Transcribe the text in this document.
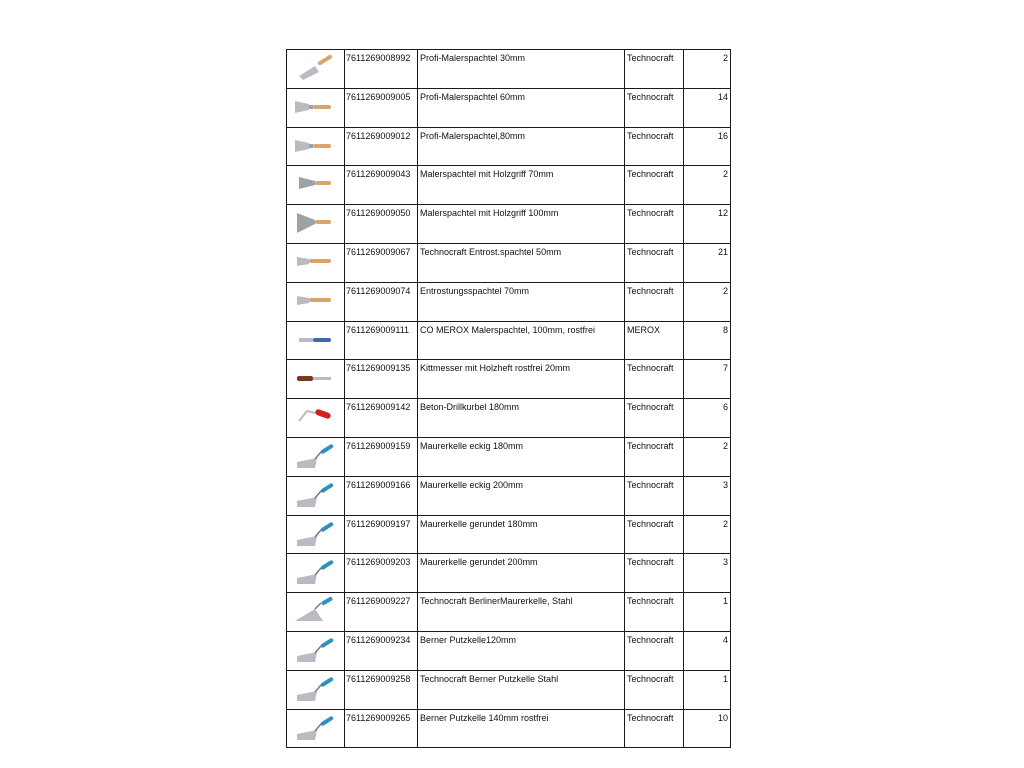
	7611269008992	Profi-Malerspachtel 30mm	Technocraft	2

	7611269009005	Profi-Malerspachtel 60mm	Technocraft	14

	7611269009012	Profi-Malerspachtel,80mm	Technocraft	16

	7611269009043	Malerspachtel mit Holzgriff 70mm	Technocraft	2

	7611269009050	Malerspachtel mit Holzgriff 100mm	Technocraft	12

	7611269009067	Technocraft Entrost.spachtel 50mm	Technocraft	21

	7611269009074	Entrostungsspachtel 70mm	Technocraft	2

	7611269009111	CO MEROX Malerspachtel, 100mm, rostfrei	MEROX	8

	7611269009135	Kittmesser mit Holzheft rostfrei 20mm	Technocraft	7

	7611269009142	Beton-Drillkurbel 180mm	Technocraft	6

	7611269009159	Maurerkelle eckig 180mm	Technocraft	2

	7611269009166	Maurerkelle eckig 200mm	Technocraft	3

	7611269009197	Maurerkelle gerundet 180mm	Technocraft	2

	7611269009203	Maurerkelle gerundet 200mm	Technocraft	3

	7611269009227	Technocraft BerlinerMaurerkelle, Stahl	Technocraft	1

	7611269009234	Berner Putzkelle120mm	Technocraft	4

	7611269009258	Technocraft Berner Putzkelle Stahl	Technocraft	1

	7611269009265	Berner Putzkelle 140mm rostfrei	Technocraft	10
